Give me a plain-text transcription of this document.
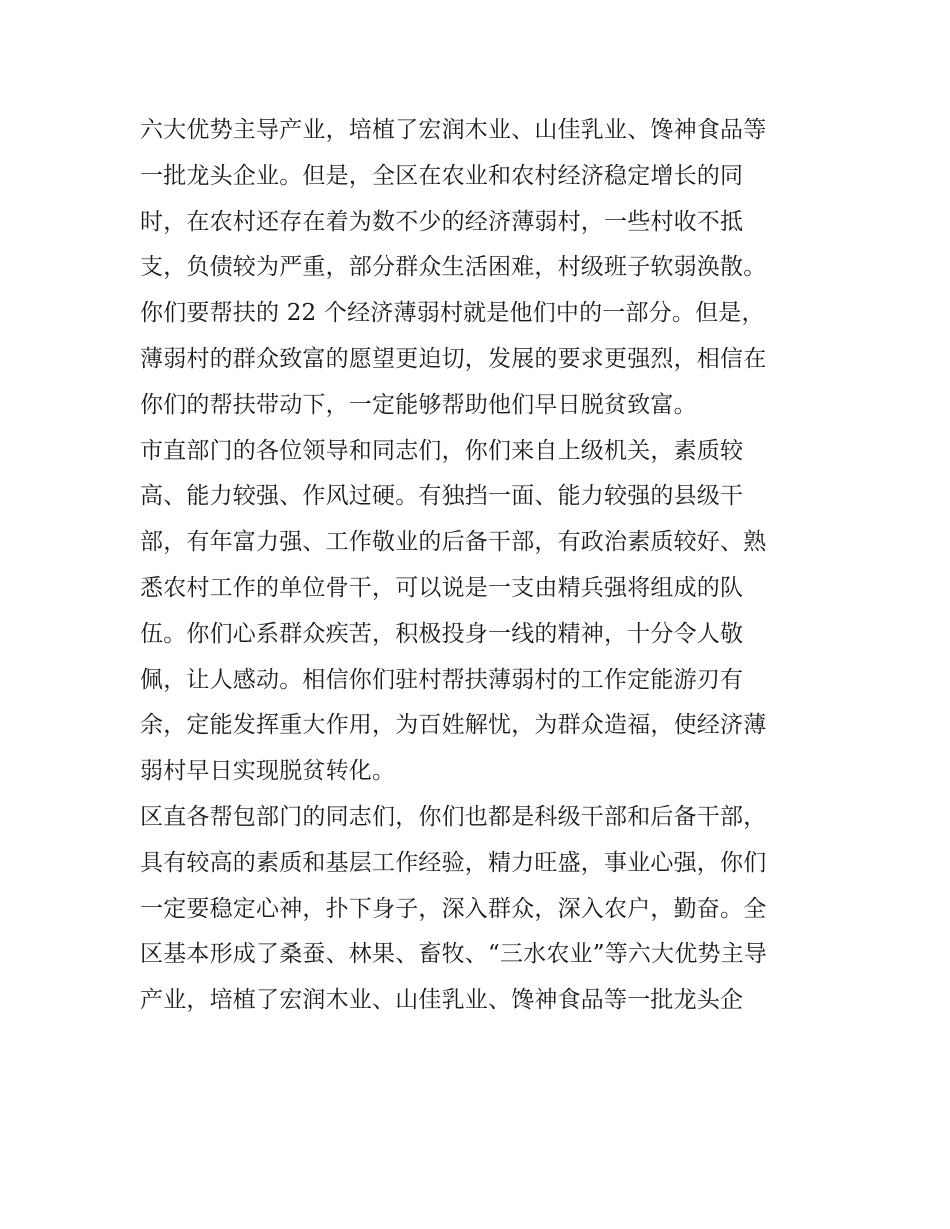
六大优势主导产业，培植了宏润木业、山佳乳业、馋神食品等
一批龙头企业。但是，全区在农业和农村经济稳定增长的同
时，在农村还存在着为数不少的经济薄弱村，一些村收不抵
支，负债较为严重，部分群众生活困难，村级班子软弱涣散。
你们要帮扶的 22 个经济薄弱村就是他们中的一部分。但是，
薄弱村的群众致富的愿望更迫切，发展的要求更强烈，相信在
你们的帮扶带动下，一定能够帮助他们早日脱贫致富。
市直部门的各位领导和同志们，你们来自上级机关，素质较
高、能力较强、作风过硬。有独挡一面、能力较强的县级干
部，有年富力强、工作敬业的后备干部，有政治素质较好、熟
悉农村工作的单位骨干，可以说是一支由精兵强将组成的队
伍。你们心系群众疾苦，积极投身一线的精神，十分令人敬
佩，让人感动。相信你们驻村帮扶薄弱村的工作定能游刃有
余，定能发挥重大作用，为百姓解忧，为群众造福，使经济薄
弱村早日实现脱贫转化。
区直各帮包部门的同志们，你们也都是科级干部和后备干部，
具有较高的素质和基层工作经验，精力旺盛，事业心强，你们
一定要稳定心神，扑下身子，深入群众，深入农户，勤奋。全
区基本形成了桑蚕、林果、畜牧、“三水农业”等六大优势主导
产业，培植了宏润木业、山佳乳业、馋神食品等一批龙头企
